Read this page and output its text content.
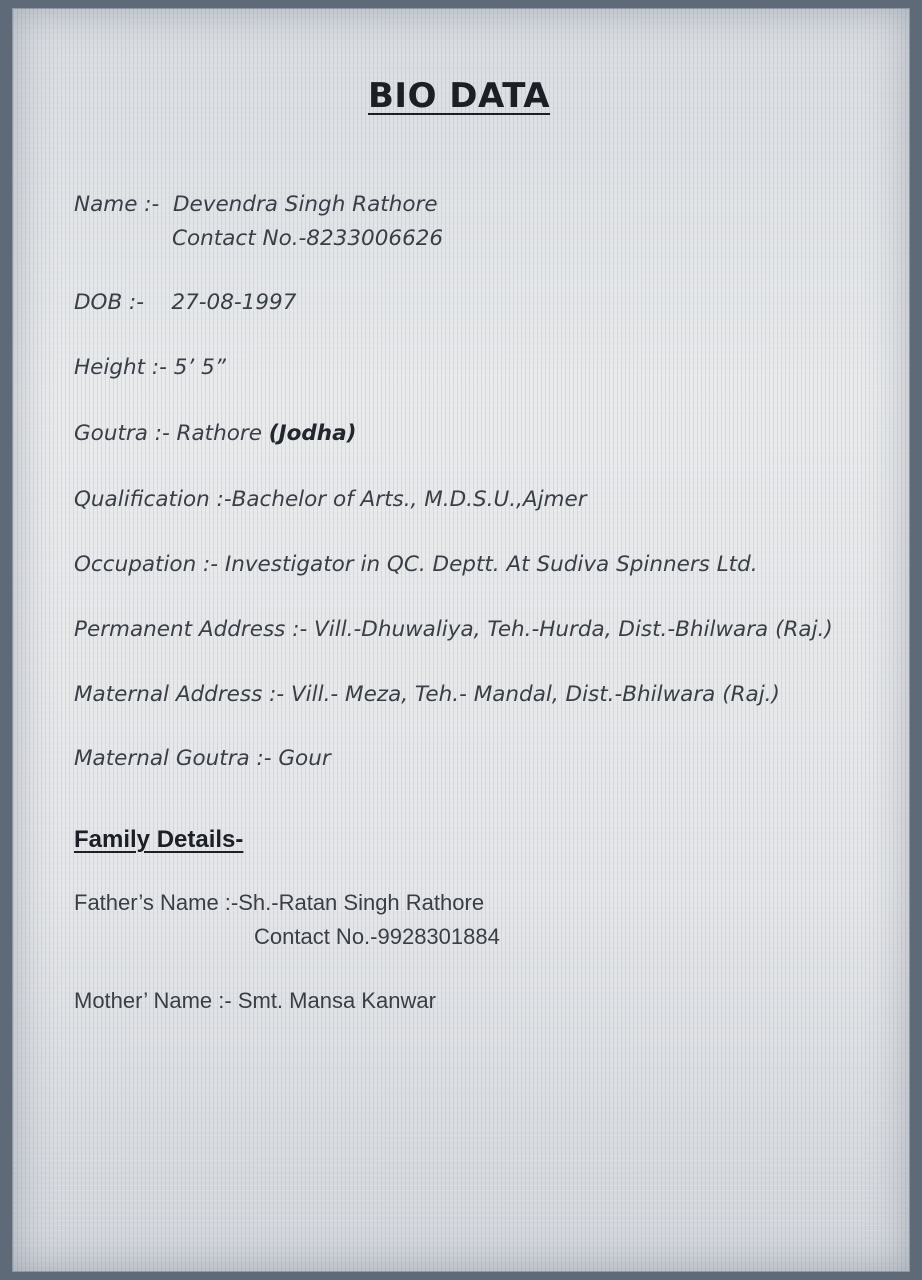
BIO DATA
Name :- Devendra Singh Rathore
Contact No.-8233006626
DOB :- 27-08-1997
Height :- 5’ 5”
Goutra :- Rathore (Jodha)
Qualification :-Bachelor of Arts., M.D.S.U.,Ajmer
Occupation :- Investigator in QC. Deptt. At Sudiva Spinners Ltd.
Permanent Address :- Vill.-Dhuwaliya, Teh.-Hurda, Dist.-Bhilwara (Raj.)
Maternal Address :- Vill.- Meza, Teh.- Mandal, Dist.-Bhilwara (Raj.)
Maternal Goutra :- Gour
Family Details-
Father’s Name :-Sh.-Ratan Singh Rathore
Contact No.-9928301884
Mother’ Name :- Smt. Mansa Kanwar
